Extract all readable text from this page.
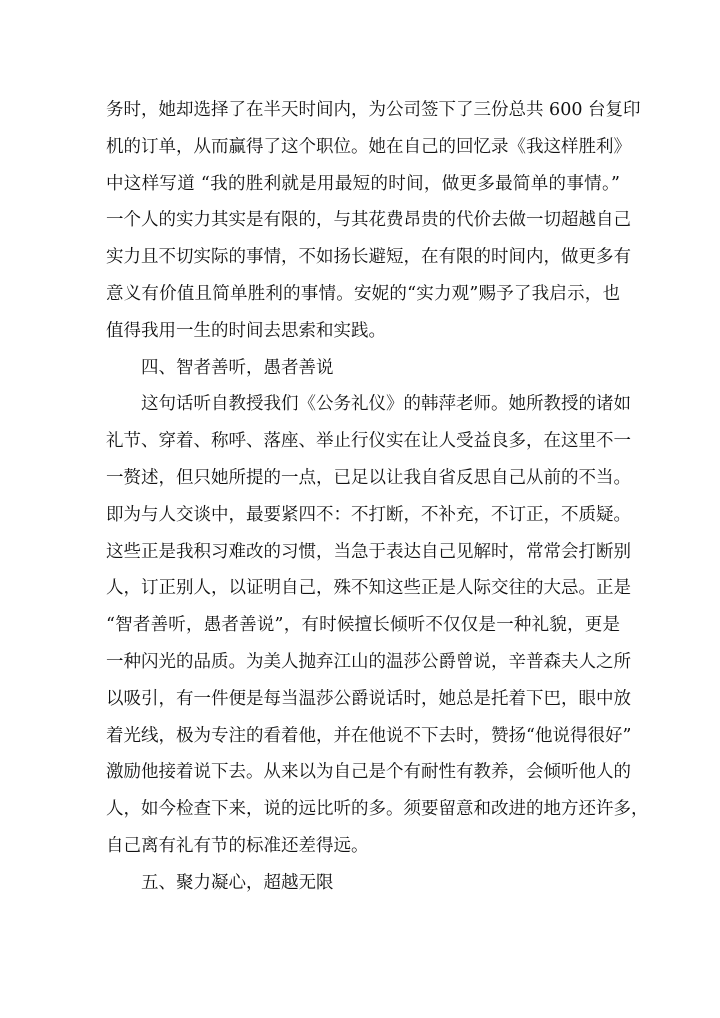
务时，她却选择了在半天时间内，为公司签下了三份总共 600 台复印
机的订单，从而赢得了这个职位。她在自己的回忆录《我这样胜利》
中这样写道 “我的胜利就是用最短的时间，做更多最简单的事情。”
一个人的实力其实是有限的，与其花费昂贵的代价去做一切超越自己
实力且不切实际的事情，不如扬长避短，在有限的时间内，做更多有
意义有价值且简单胜利的事情。安妮的“实力观”赐予了我启示，也
值得我用一生的时间去思索和实践。
四、智者善听，愚者善说
这句话听自教授我们《公务礼仪》的韩萍老师。她所教授的诸如
礼节、穿着、称呼、落座、举止行仪实在让人受益良多，在这里不一
一赘述，但只她所提的一点，已足以让我自省反思自己从前的不当。
即为与人交谈中，最要紧四不：不打断，不补充，不订正，不质疑。
这些正是我积习难改的习惯，当急于表达自己见解时，常常会打断别
人，订正别人，以证明自己，殊不知这些正是人际交往的大忌。正是
“智者善听，愚者善说”，有时候擅长倾听不仅仅是一种礼貌，更是
一种闪光的品质。为美人抛弃江山的温莎公爵曾说，辛普森夫人之所
以吸引，有一件便是每当温莎公爵说话时，她总是托着下巴，眼中放
着光线，极为专注的看着他，并在他说不下去时，赞扬“他说得很好”
激励他接着说下去。从来以为自己是个有耐性有教养，会倾听他人的
人，如今检查下来，说的远比听的多。须要留意和改进的地方还许多，
自己离有礼有节的标准还差得远。
五、聚力凝心，超越无限
